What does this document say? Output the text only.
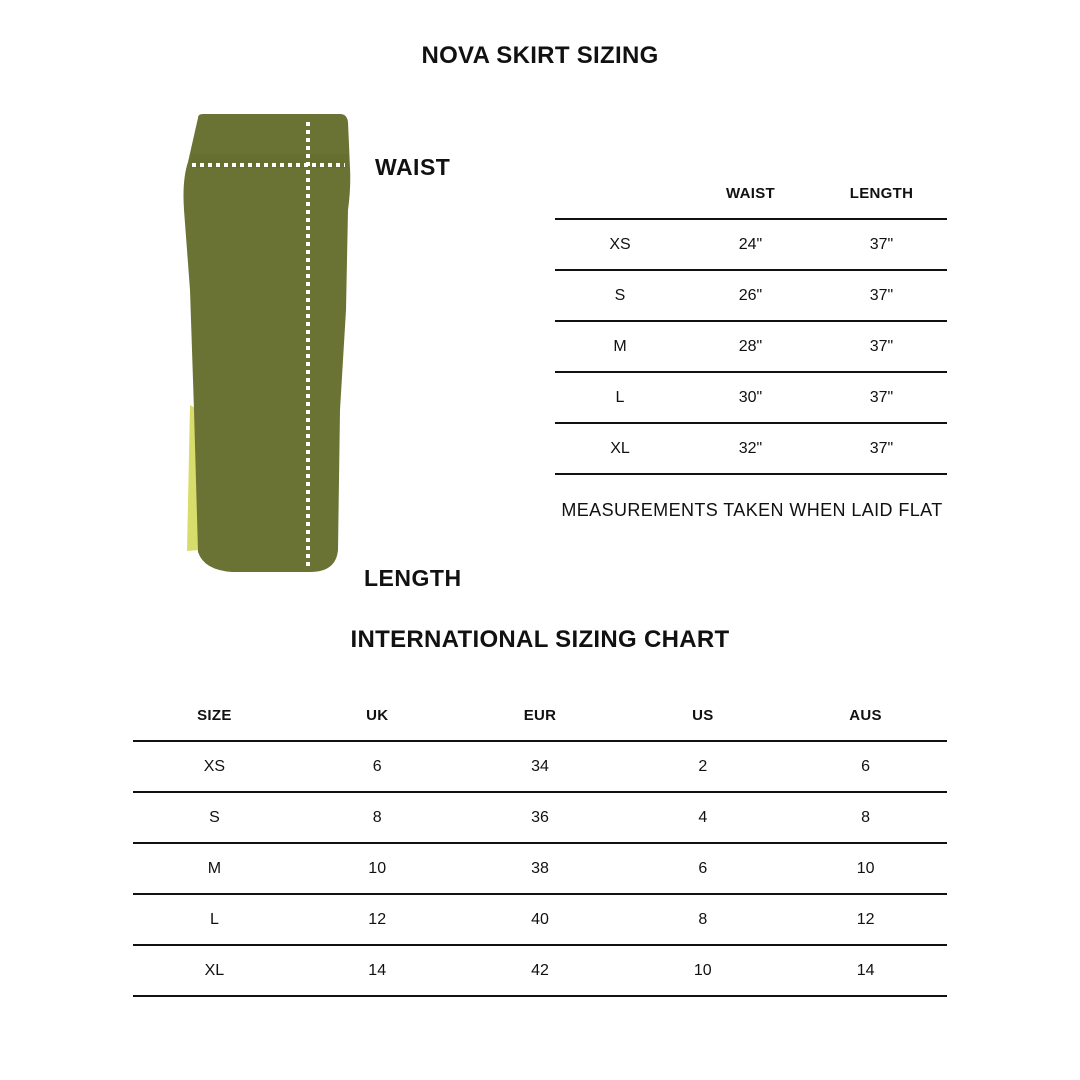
NOVA SKIRT SIZING
WAIST
LENGTH
	WAIST	LENGTH
XS	24"	37"
S	26"	37"
M	28"	37"
L	30"	37"
XL	32"	37"
MEASUREMENTS TAKEN WHEN LAID FLAT
INTERNATIONAL SIZING CHART
SIZE	UK	EUR	US	AUS
XS	6	34	2	6
S	8	36	4	8
M	10	38	6	10
L	12	40	8	12
XL	14	42	10	14
